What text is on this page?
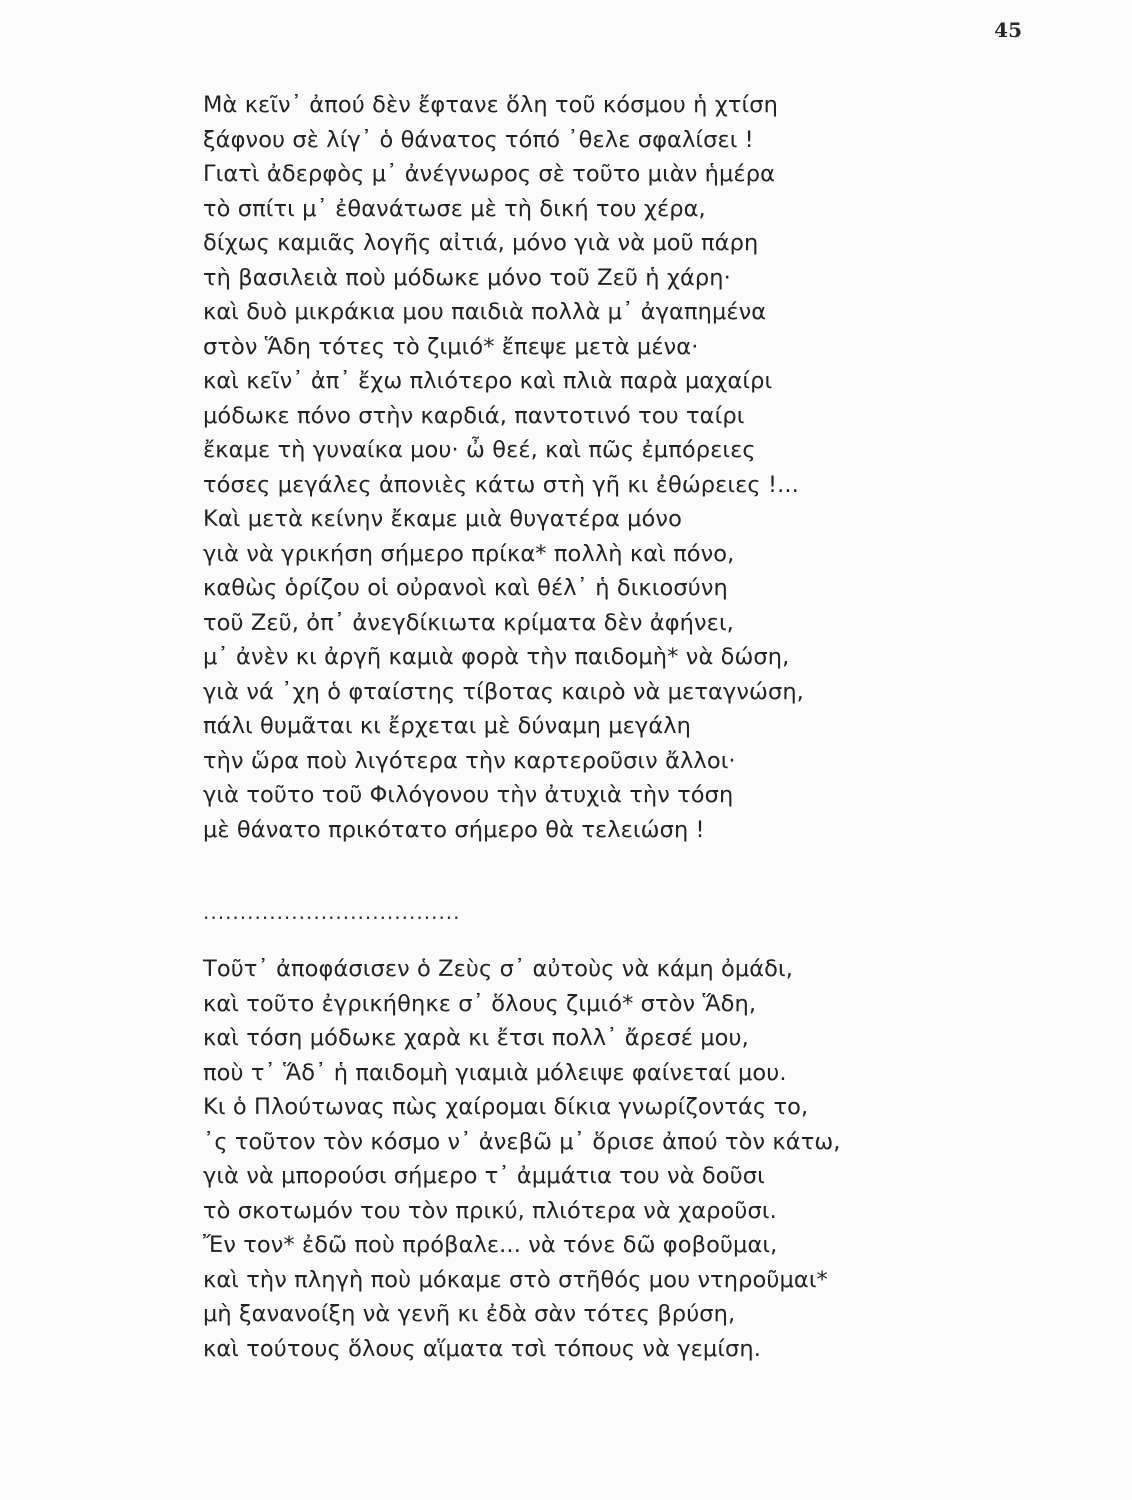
45
Μὰ κεῖν᾽ ἀπού δὲν ἔφτανε ὅλη τοῦ κόσμου ἡ χτίση
ξάφνου σὲ λίγ᾽ ὁ θάνατος τόπό ᾽θελε σφαλίσει !
Γιατὶ ἀδερφὸς μ᾽ ἀνέγνωρος σὲ τοῦτο μιὰν ἡμέρα
τὸ σπίτι μ᾽ ἐθανάτωσε μὲ τὴ δική του χέρα,
δίχως καμιᾶς λογῆς αἰτιά, μόνο γιὰ νὰ μοῦ πάρη
τὴ βασιλειὰ ποὺ μόδωκε μόνο τοῦ Ζεῦ ἡ χάρη·
καὶ δυὸ μικράκια μου παιδιὰ πολλὰ μ᾽ ἀγαπημένα
στὸν Ἅδη τότες τὸ ζιμιό* ἔπεψε μετὰ μένα·
καὶ κεῖν᾽ ἀπ᾽ ἔχω πλιότερο καὶ πλιὰ παρὰ μαχαίρι
μόδωκε πόνο στὴν καρδιά, παντοτινό του ταίρι
ἔκαμε τὴ γυναίκα μου· ὦ θεέ, καὶ πῶς ἐμπόρειες
τόσες μεγάλες ἀπονιὲς κάτω στὴ γῆ κι ἐθώρειες !...
Καὶ μετὰ κείνην ἔκαμε μιὰ θυγατέρα μόνο
γιὰ νὰ γρικήση σήμερο πρίκα* πολλὴ καὶ πόνο,
καθὼς ὁρίζου οἱ οὐρανοὶ καὶ θέλ᾽ ἡ δικιοσύνη
τοῦ Ζεῦ, ὀπ᾽ ἀνεγδίκιωτα κρίματα δὲν ἀφήνει,
μ᾽ ἀνὲν κι ἀργῆ καμιὰ φορὰ τὴν παιδομὴ* νὰ δώση,
γιὰ νά ᾽χη ὁ φταίστης τίβοτας καιρὸ νὰ μεταγνώση,
πάλι θυμᾶται κι ἔρχεται μὲ δύναμη μεγάλη
τὴν ὥρα ποὺ λιγότερα τὴν καρτεροῦσιν ἄλλοι·
γιὰ τοῦτο τοῦ Φιλόγονου τὴν ἀτυχιὰ τὴν τόση
μὲ θάνατο πρικότατο σήμερο θὰ τελειώση !
...................................
Τοῦτ᾽ ἀποφάσισεν ὁ Ζεὺς σ᾽ αὐτοὺς νὰ κάμη ὀμάδι,
καὶ τοῦτο ἐγρικήθηκε σ᾽ ὅλους ζιμιό* στὸν Ἅδη,
καὶ τόση μόδωκε χαρὰ κι ἔτσι πολλ᾽ ἄρεσέ μου,
ποὺ τ᾽ Ἅδ᾽ ἡ παιδομὴ γιαμιὰ μόλειψε φαίνεταί μου.
Κι ὁ Πλούτωνας πὼς χαίρομαι δίκια γνωρίζοντάς το,
᾽ς τοῦτον τὸν κόσμο ν᾽ ἀνεβῶ μ᾽ ὅρισε ἀπού τὸν κάτω,
γιὰ νὰ μπορούσι σήμερο τ᾽ ἀμμάτια του νὰ δοῦσι
τὸ σκοτωμόν του τὸν πρικύ, πλιότερα νὰ χαροῦσι.
Ἔν τον* ἐδῶ ποὺ πρόβαλε... νὰ τόνε δῶ φοβοῦμαι,
καὶ τὴν πληγὴ ποὺ μόκαμε στὸ στῆθός μου ντηροῦμαι*
μὴ ξανανοίξη νὰ γενῆ κι ἐδὰ σὰν τότες βρύση,
καὶ τούτους ὅλους αἵματα τσὶ τόπους νὰ γεμίση.
